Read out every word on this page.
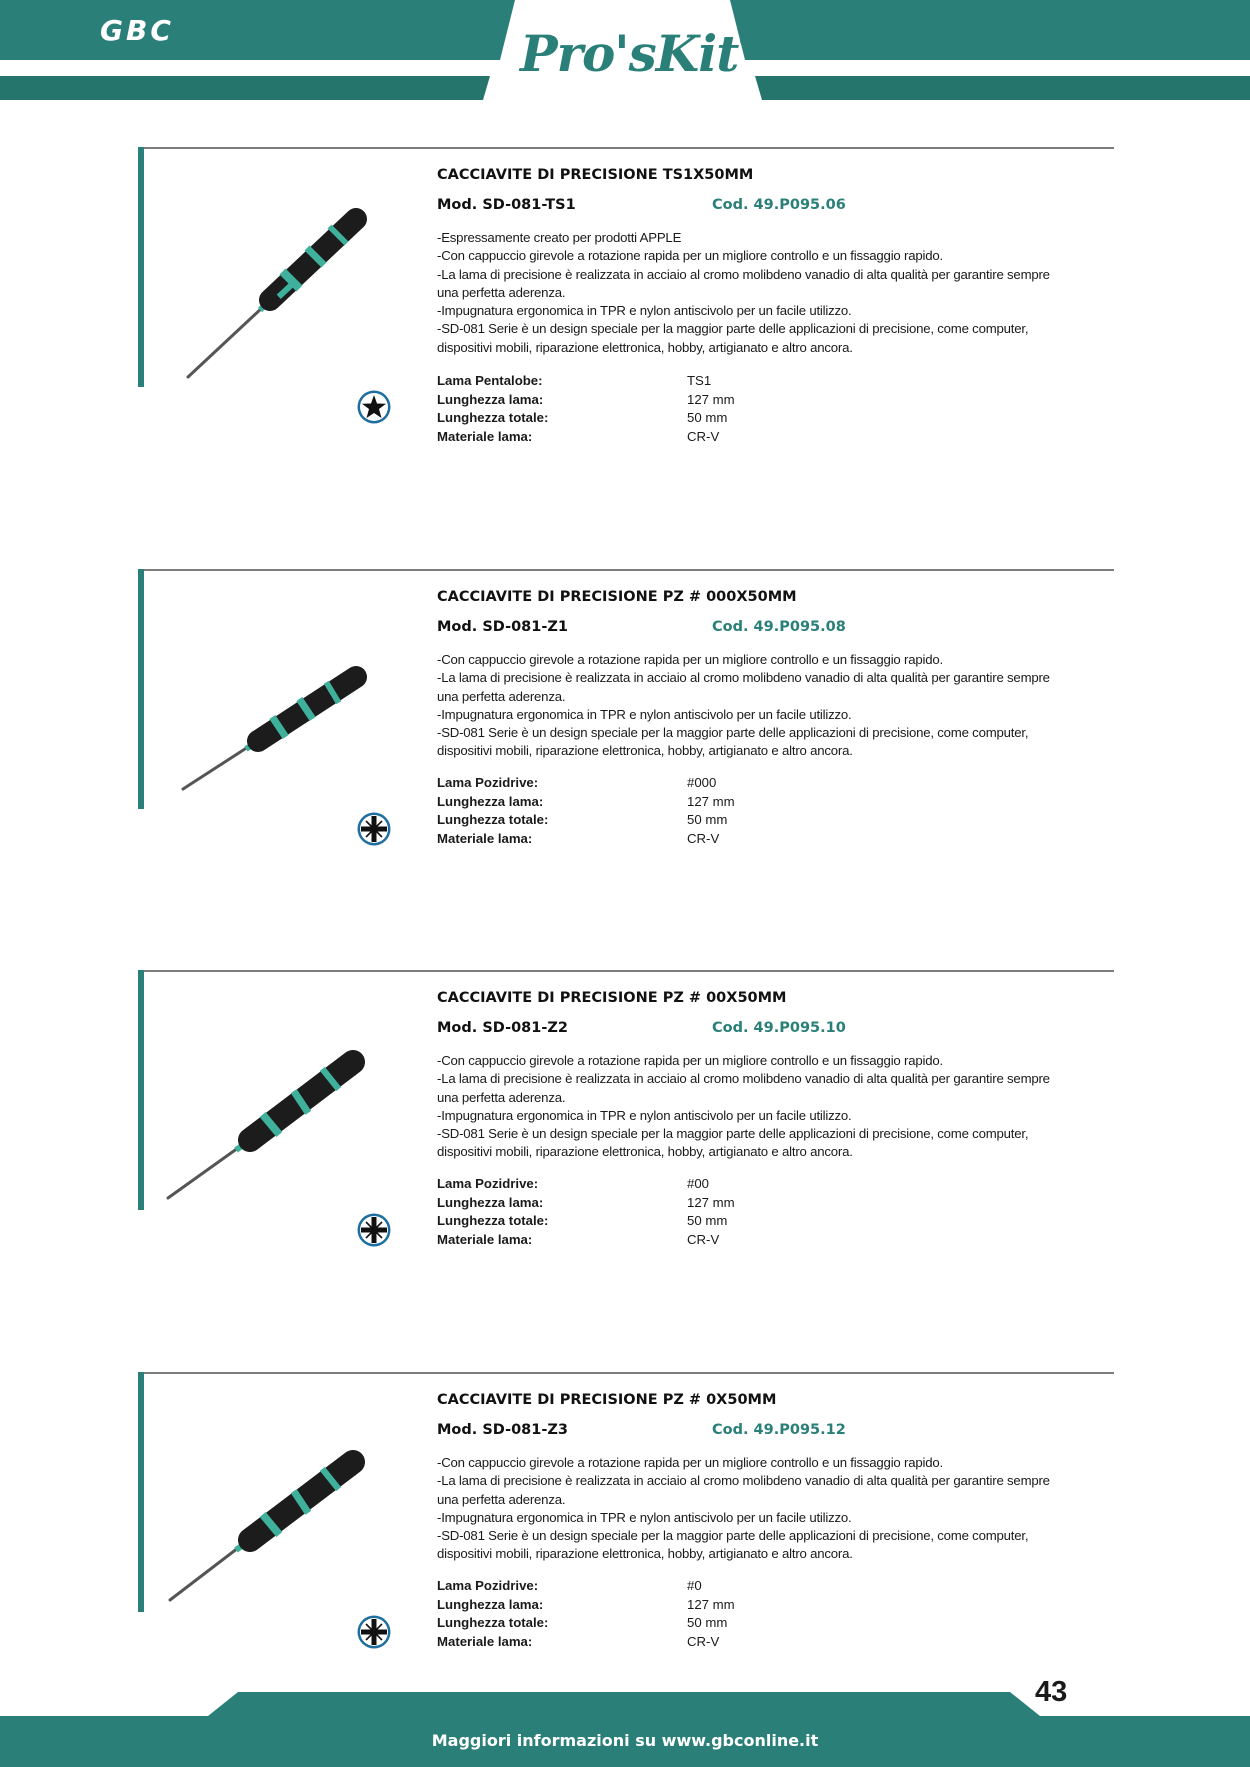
GBC	Pro'sKit®
CACCIAVITE DI PRECISIONE TS1X50MM
Mod. SD-081-TS1	Cod. 49.P095.06
-Espressamente creato per prodotti APPLE
-Con cappuccio girevole a rotazione rapida per un migliore controllo e un fissaggio rapido.
-La lama di precisione è realizzata in acciaio al cromo molibdeno vanadio di alta qualità per garantire sempre
una perfetta aderenza.
-Impugnatura ergonomica in TPR e nylon antiscivolo per un facile utilizzo.
-SD-081 Serie è un design speciale per la maggior parte delle applicazioni di precisione, come computer,
dispositivi mobili, riparazione elettronica, hobby, artigianato e altro ancora.
Lama Pentalobe:	TS1
Lunghezza lama:	127 mm
Lunghezza totale:	50 mm
Materiale lama:	CR-V
CACCIAVITE DI PRECISIONE PZ # 000X50MM
Mod. SD-081-Z1	Cod. 49.P095.08
-Con cappuccio girevole a rotazione rapida per un migliore controllo e un fissaggio rapido.
-La lama di precisione è realizzata in acciaio al cromo molibdeno vanadio di alta qualità per garantire sempre
una perfetta aderenza.
-Impugnatura ergonomica in TPR e nylon antiscivolo per un facile utilizzo.
-SD-081 Serie è un design speciale per la maggior parte delle applicazioni di precisione, come computer,
dispositivi mobili, riparazione elettronica, hobby, artigianato e altro ancora.
Lama Pozidrive:	#000
Lunghezza lama:	127 mm
Lunghezza totale:	50 mm
Materiale lama:	CR-V
CACCIAVITE DI PRECISIONE PZ # 00X50MM
Mod. SD-081-Z2	Cod. 49.P095.10
-Con cappuccio girevole a rotazione rapida per un migliore controllo e un fissaggio rapido.
-La lama di precisione è realizzata in acciaio al cromo molibdeno vanadio di alta qualità per garantire sempre
una perfetta aderenza.
-Impugnatura ergonomica in TPR e nylon antiscivolo per un facile utilizzo.
-SD-081 Serie è un design speciale per la maggior parte delle applicazioni di precisione, come computer,
dispositivi mobili, riparazione elettronica, hobby, artigianato e altro ancora.
Lama Pozidrive:	#00
Lunghezza lama:	127 mm
Lunghezza totale:	50 mm
Materiale lama:	CR-V
CACCIAVITE DI PRECISIONE PZ # 0X50MM
Mod. SD-081-Z3	Cod. 49.P095.12
-Con cappuccio girevole a rotazione rapida per un migliore controllo e un fissaggio rapido.
-La lama di precisione è realizzata in acciaio al cromo molibdeno vanadio di alta qualità per garantire sempre
una perfetta aderenza.
-Impugnatura ergonomica in TPR e nylon antiscivolo per un facile utilizzo.
-SD-081 Serie è un design speciale per la maggior parte delle applicazioni di precisione, come computer,
dispositivi mobili, riparazione elettronica, hobby, artigianato e altro ancora.
Lama Pozidrive:	#0
Lunghezza lama:	127 mm
Lunghezza totale:	50 mm
Materiale lama:	CR-V
43
Maggiori informazioni su www.gbconline.it
